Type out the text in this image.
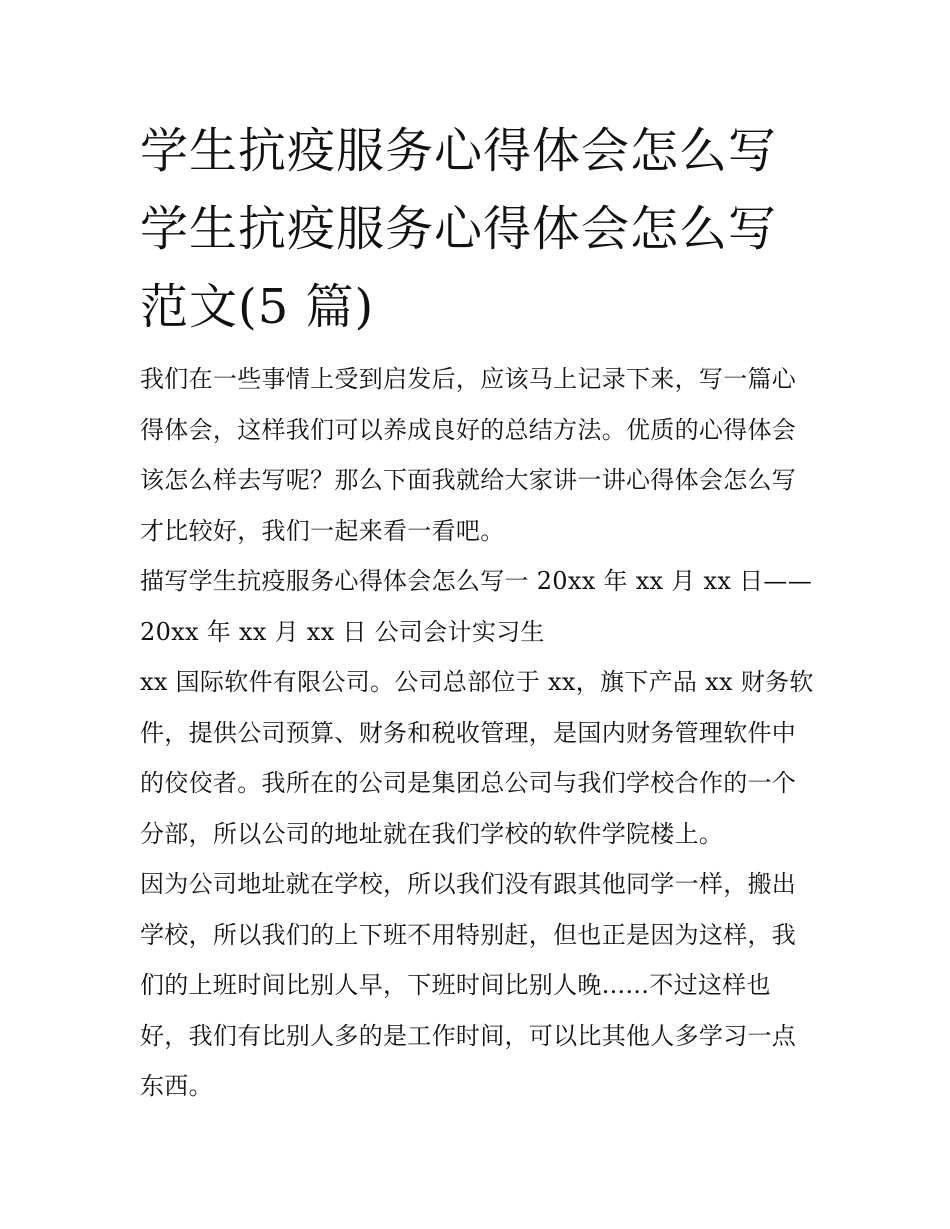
学生抗疫服务心得体会怎么写
学生抗疫服务心得体会怎么写
范文(5 篇)
我们在一些事情上受到启发后，应该马上记录下来，写一篇心
得体会，这样我们可以养成良好的总结方法。优质的心得体会
该怎么样去写呢？那么下面我就给大家讲一讲心得体会怎么写
才比较好，我们一起来看一看吧。
描写学生抗疫服务心得体会怎么写一 20xx 年 xx 月 xx 日——
20xx 年 xx 月 xx 日 公司会计实习生
xx 国际软件有限公司。公司总部位于 xx，旗下产品 xx 财务软
件，提供公司预算、财务和税收管理，是国内财务管理软件中
的佼佼者。我所在的公司是集团总公司与我们学校合作的一个
分部，所以公司的地址就在我们学校的软件学院楼上。
因为公司地址就在学校，所以我们没有跟其他同学一样，搬出
学校，所以我们的上下班不用特别赶，但也正是因为这样，我
们的上班时间比别人早，下班时间比别人晚......不过这样也
好，我们有比别人多的是工作时间，可以比其他人多学习一点
东西。
